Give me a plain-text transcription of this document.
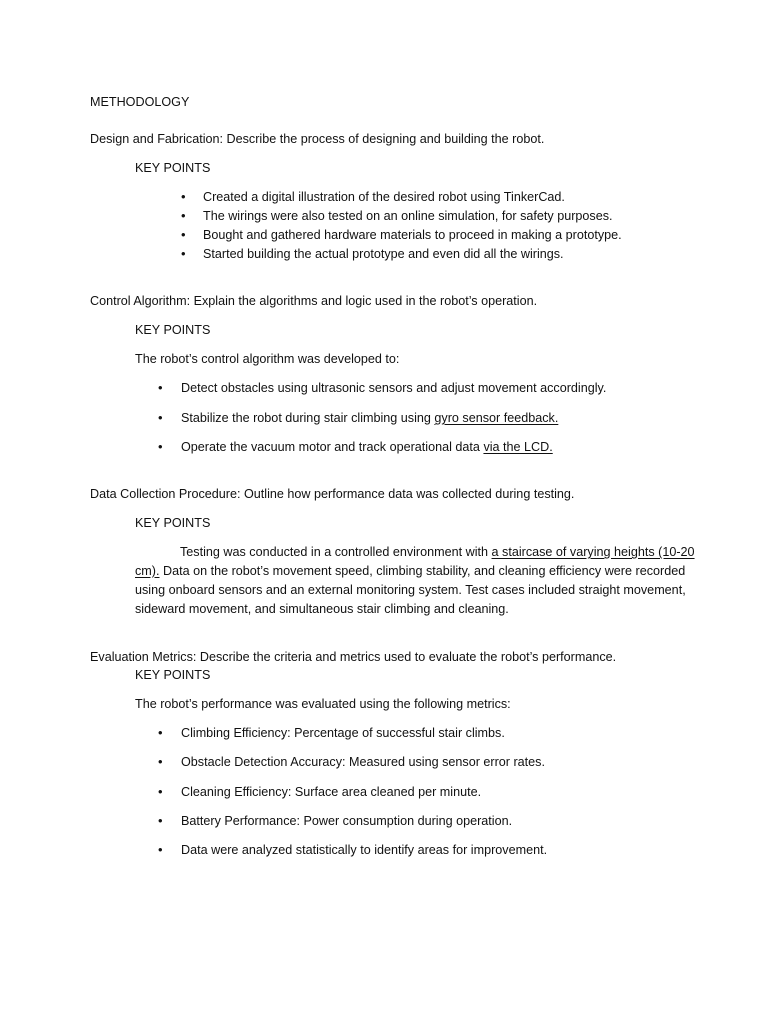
METHODOLOGY
Design and Fabrication: Describe the process of designing and building the robot.
KEY POINTS
• Created a digital illustration of the desired robot using TinkerCad.
• The wirings were also tested on an online simulation, for safety purposes.
• Bought and gathered hardware materials to proceed in making a prototype.
• Started building the actual prototype and even did all the wirings.
Control Algorithm: Explain the algorithms and logic used in the robot’s operation.
KEY POINTS
The robot’s control algorithm was developed to:
• Detect obstacles using ultrasonic sensors and adjust movement accordingly.
• Stabilize the robot during stair climbing using gyro sensor feedback.
• Operate the vacuum motor and track operational data via the LCD.
Data Collection Procedure: Outline how performance data was collected during testing.
KEY POINTS
Testing was conducted in a controlled environment with a staircase of varying heights (10-20 cm). Data on the robot’s movement speed, climbing stability, and cleaning efficiency were recorded using onboard sensors and an external monitoring system. Test cases included straight movement, sideward movement, and simultaneous stair climbing and cleaning.
Evaluation Metrics: Describe the criteria and metrics used to evaluate the robot’s performance.
KEY POINTS
The robot’s performance was evaluated using the following metrics:
• Climbing Efficiency: Percentage of successful stair climbs.
• Obstacle Detection Accuracy: Measured using sensor error rates.
• Cleaning Efficiency: Surface area cleaned per minute.
• Battery Performance: Power consumption during operation.
• Data were analyzed statistically to identify areas for improvement.
